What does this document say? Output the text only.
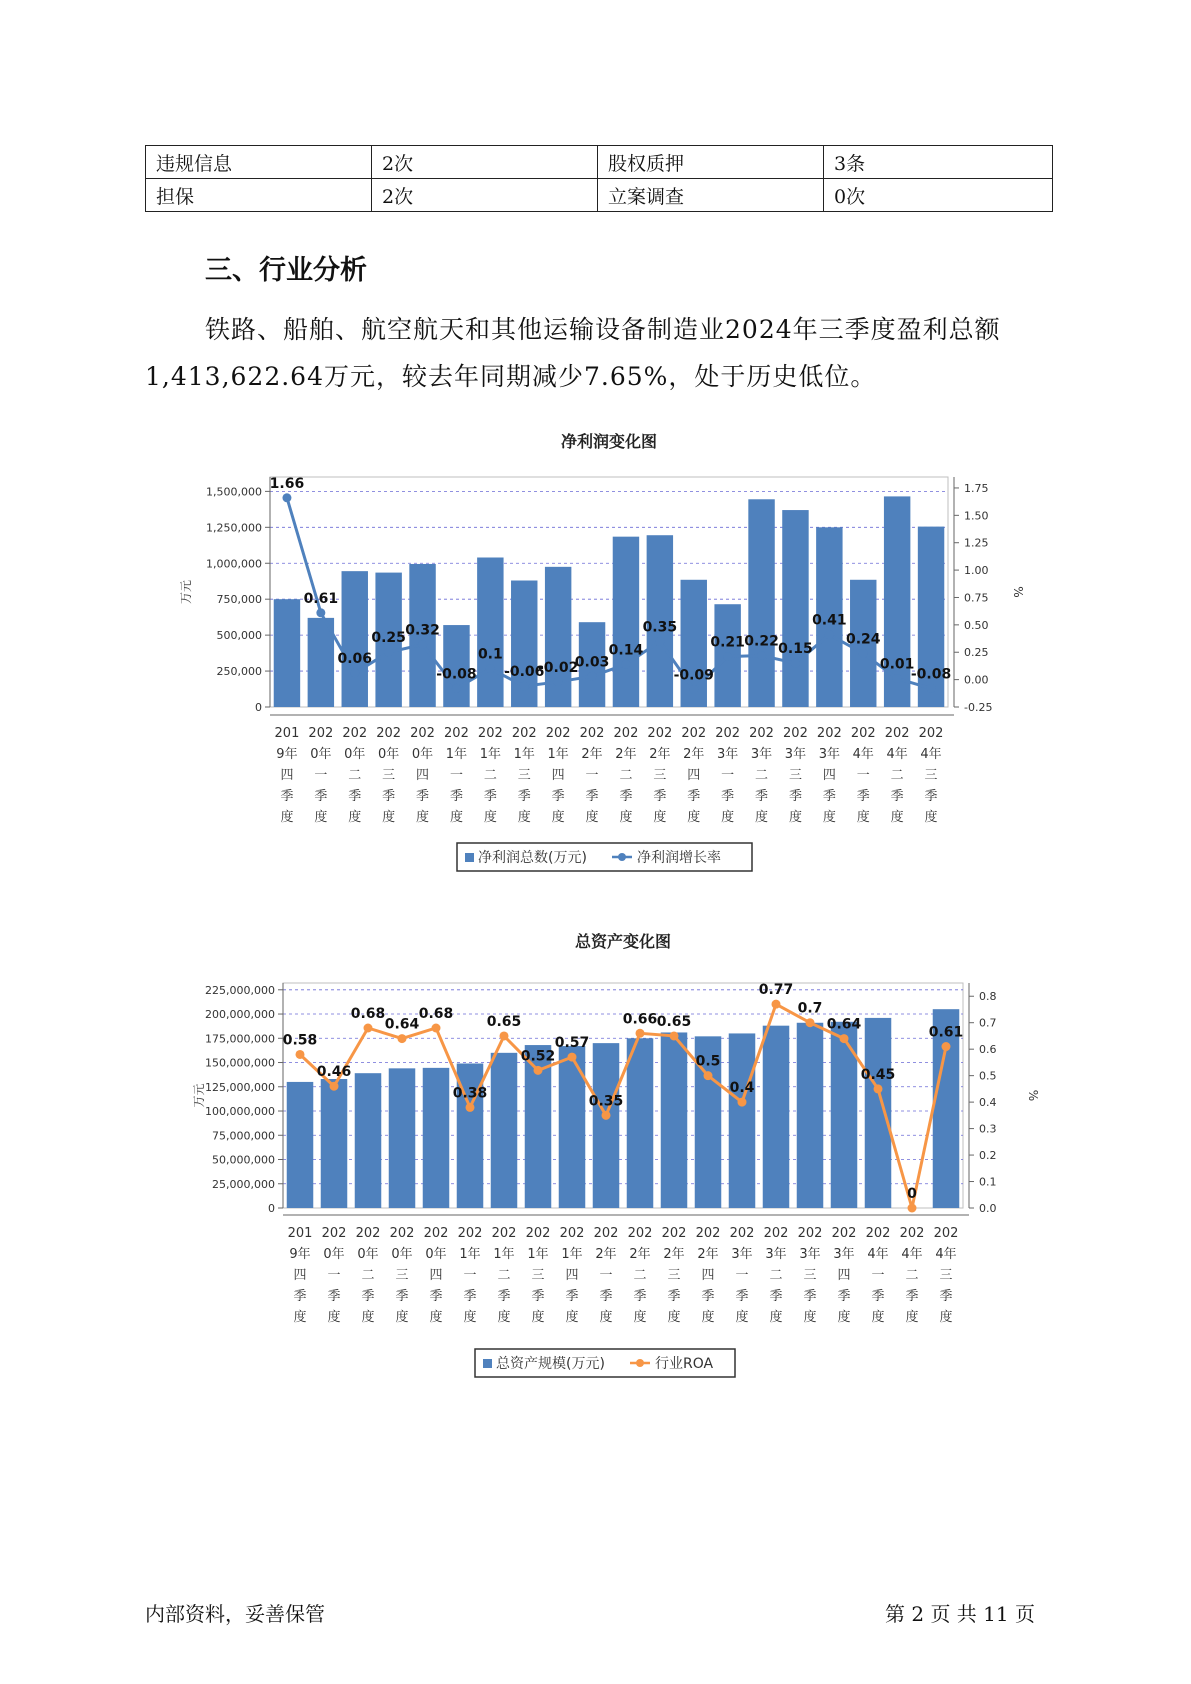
违规信息	2次	股权质押	3条
担保	2次	立案调查	0次
三、行业分析

铁路、船舶、航空航天和其他运输设备制造业2024年三季度盈利总额1,413,622.64万元，较去年同期减少7.65%，处于历史低位。

净利润变化图
0
250,000
500,000
750,000
1,000,000
1,250,000
1,500,000
万元
-0.25
0.00
0.25
0.50
0.75
1.00
1.25
1.50
1.75
%
201
9年
四
季
度
202
0年
一
季
度
202
0年
二
季
度
202
0年
三
季
度
202
0年
四
季
度
202
1年
一
季
度
202
1年
二
季
度
202
1年
三
季
度
202
1年
四
季
度
202
2年
一
季
度
202
2年
二
季
度
202
2年
三
季
度
202
2年
四
季
度
202
3年
一
季
度
202
3年
二
季
度
202
3年
三
季
度
202
3年
四
季
度
202
4年
一
季
度
202
4年
二
季
度
202
4年
三
季
度
1.66
0.61
0.06
0.25 0.32
-0.08
0.1
-0.06
-0.02
0.03
0.14
0.35
-0.09
0.21 0.22 0.15
0.41
0.24
0.01
-0.08
净利润总数(万元)	净利润增长率
总资产变化图
0
25,000,000
50,000,000
75,000,000
100,000,000
125,000,000
150,000,000
175,000,000
200,000,000
225,000,000
万元
0.0
0.1
0.2
0.3
0.4
0.5
0.6
0.7
0.8
%
201
9年
四
季
度
202
0年
一
季
度
202
0年
二
季
度
202
0年
三
季
度
202
0年
四
季
度
202
1年
一
季
度
202
1年
二
季
度
202
1年
三
季
度
202
1年
四
季
度
202
2年
一
季
度
202
2年
二
季
度
202
2年
三
季
度
202
2年
四
季
度
202
3年
一
季
度
202
3年
二
季
度
202
3年
三
季
度
202
3年
四
季
度
202
4年
一
季
度
202
4年
二
季
度
202
4年
三
季
度
0.58
0.46
0.68
0.64
0.68
0.38
0.65
0.52
0.57
0.35
0.66 0.65
0.5
0.4
0.77
0.7
0.64
0.45
0
0.61
总资产规模(万元)	行业ROA
内部资料，妥善保管	第 2 页 共 11 页
